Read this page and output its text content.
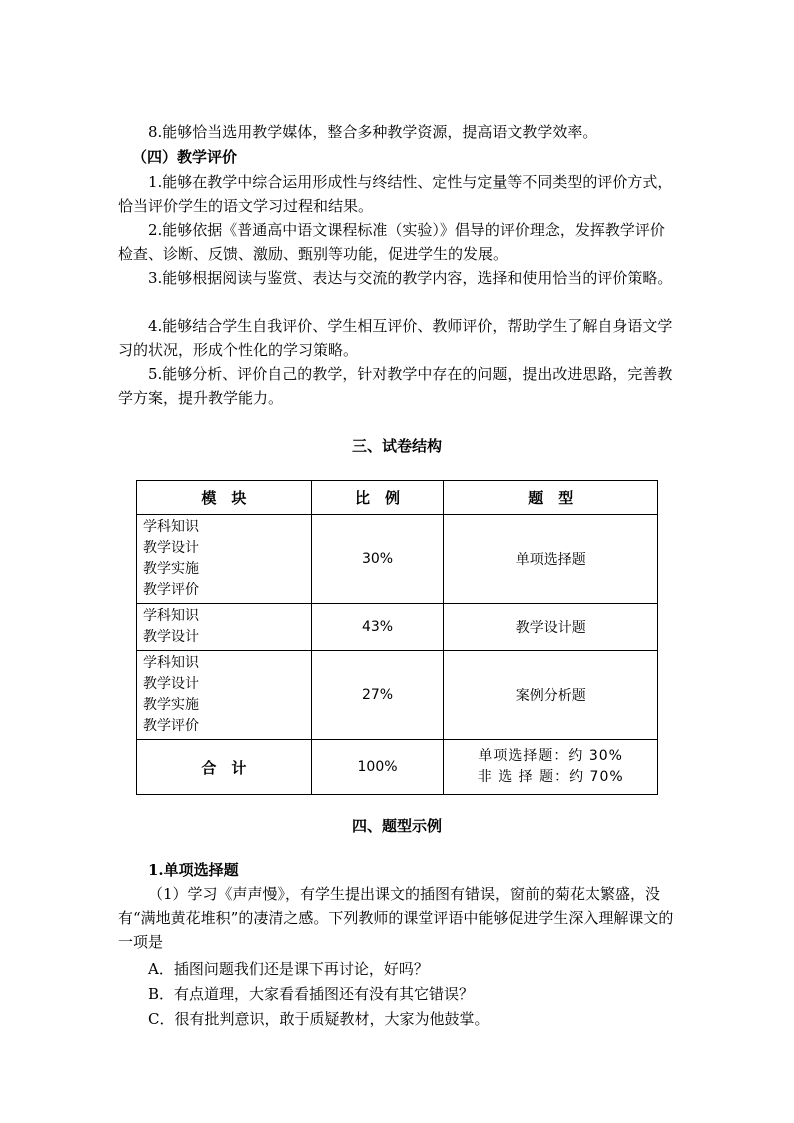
8.能够恰当选用教学媒体，整合多种教学资源，提高语文教学效率。

（四）教学评价

1.能够在教学中综合运用形成性与终结性、定性与定量等不同类型的评价方式，恰当评价学生的语文学习过程和结果。

2.能够依据《普通高中语文课程标准（实验）》倡导的评价理念，发挥教学评价检查、诊断、反馈、激励、甄别等功能，促进学生的发展。

3.能够根据阅读与鉴赏、表达与交流的教学内容，选择和使用恰当的评价策略。

4.能够结合学生自我评价、学生相互评价、教师评价，帮助学生了解自身语文学习的状况，形成个性化的学习策略。

5.能够分析、评价自己的教学，针对教学中存在的问题，提出改进思路，完善教学方案，提升教学能力。

三、试卷结构

模　块	比　例	题　型

学科知识
教学设计
教学实施
教学评价	30%	单项选择题

学科知识
教学设计	43%	教学设计题

学科知识
教学设计
教学实施
教学评价	27%	案例分析题
合　计	100%	单项选择题：约 30%
非 选 择 题：约 70%

四、题型示例

1.单项选择题

（1）学习《声声慢》，有学生提出课文的插图有错误，窗前的菊花太繁盛，没有“满地黄花堆积”的凄清之感。下列教师的课堂评语中能够促进学生深入理解课文的一项是

A．插图问题我们还是课下再讨论，好吗？

B．有点道理，大家看看插图还有没有其它错误？

C．很有批判意识，敢于质疑教材，大家为他鼓掌。
